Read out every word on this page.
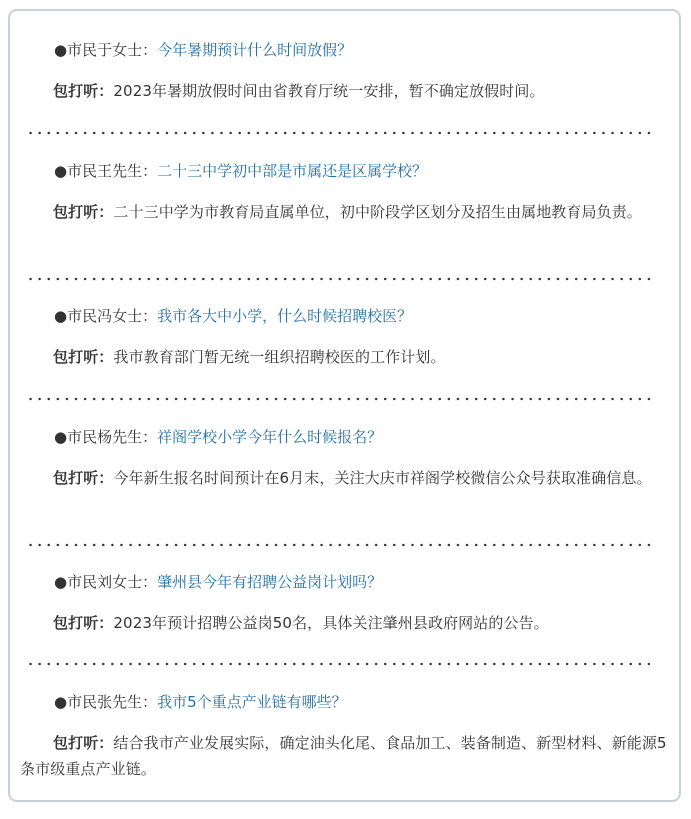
●市民于女士：今年暑期预计什么时间放假？
包打听：2023年暑期放假时间由省教育厅统一安排，暂不确定放假时间。
●市民王先生：二十三中学初中部是市属还是区属学校？
包打听：二十三中学为市教育局直属单位，初中阶段学区划分及招生由属地教育局负责。
●市民冯女士：我市各大中小学，什么时候招聘校医？
包打听：我市教育部门暂无统一组织招聘校医的工作计划。
●市民杨先生：祥阁学校小学今年什么时候报名？
包打听：今年新生报名时间预计在6月末，关注大庆市祥阁学校微信公众号获取准确信息。
●市民刘女士：肇州县今年有招聘公益岗计划吗？
包打听：2023年预计招聘公益岗50名，具体关注肇州县政府网站的公告。
●市民张先生：我市5个重点产业链有哪些？
包打听：结合我市产业发展实际，确定油头化尾、食品加工、装备制造、新型材料、新能源5条市级重点产业链。
